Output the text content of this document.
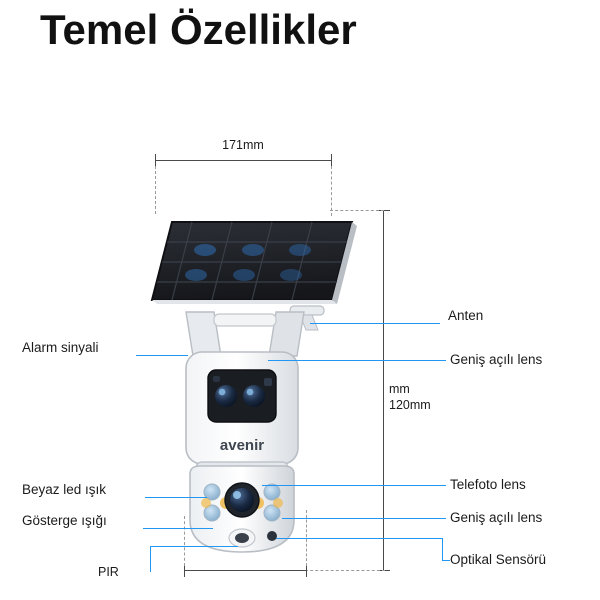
Temel Özellikler
171mm
mm
120mm
avenir
Alarm sinyali
Beyaz led ışık
Gösterge ışığı
PIR
Anten
Geniş açılı lens
Telefoto lens
Geniş açılı lens
Optikal Sensörü
